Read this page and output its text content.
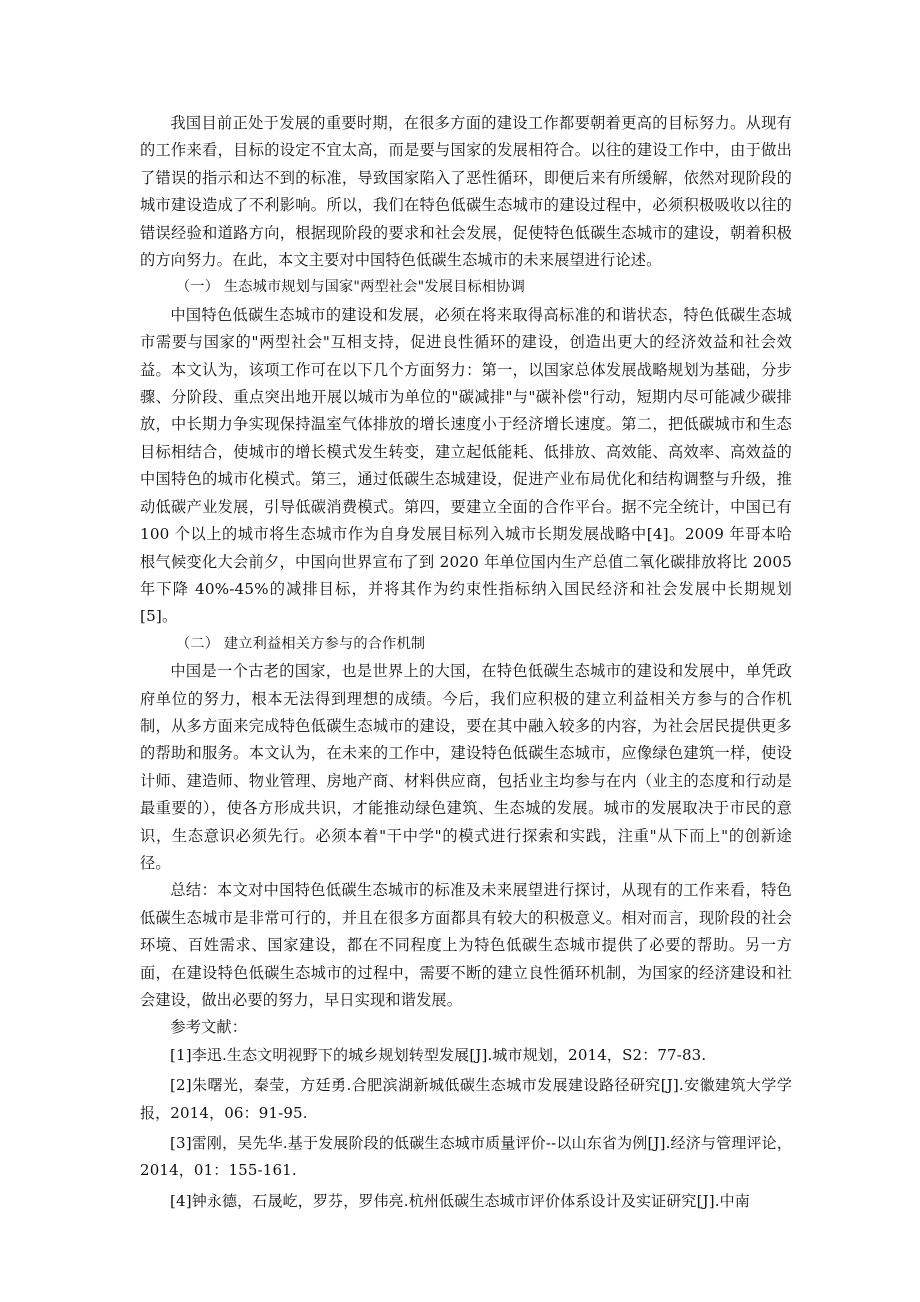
我国目前正处于发展的重要时期，在很多方面的建设工作都要朝着更高的目标努力。从现有的工作来看，目标的设定不宜太高，而是要与国家的发展相符合。以往的建设工作中，由于做出了错误的指示和达不到的标准，导致国家陷入了恶性循环，即便后来有所缓解，依然对现阶段的城市建设造成了不利影响。所以，我们在特色低碳生态城市的建设过程中，必须积极吸收以往的错误经验和道路方向，根据现阶段的要求和社会发展，促使特色低碳生态城市的建设，朝着积极的方向努力。在此，本文主要对中国特色低碳生态城市的未来展望进行论述。

（一） 生态城市规划与国家"两型社会"发展目标相协调

中国特色低碳生态城市的建设和发展，必须在将来取得高标准的和谐状态，特色低碳生态城市需要与国家的"两型社会"互相支持，促进良性循环的建设，创造出更大的经济效益和社会效益。本文认为，该项工作可在以下几个方面努力：第一，以国家总体发展战略规划为基础，分步骤、分阶段、重点突出地开展以城市为单位的"碳减排"与"碳补偿"行动，短期内尽可能减少碳排放，中长期力争实现保持温室气体排放的增长速度小于经济增长速度。第二，把低碳城市和生态目标相结合，使城市的增长模式发生转变，建立起低能耗、低排放、高效能、高效率、高效益的中国特色的城市化模式。第三，通过低碳生态城建设，促进产业布局优化和结构调整与升级，推动低碳产业发展，引导低碳消费模式。第四，要建立全面的合作平台。据不完全统计，中国已有 100 个以上的城市将生态城市作为自身发展目标列入城市长期发展战略中[4]。2009 年哥本哈根气候变化大会前夕，中国向世界宣布了到 2020 年单位国内生产总值二氧化碳排放将比 2005 年下降 40%-45%的减排目标，并将其作为约束性指标纳入国民经济和社会发展中长期规划[5]。

（二） 建立利益相关方参与的合作机制

中国是一个古老的国家，也是世界上的大国，在特色低碳生态城市的建设和发展中，单凭政府单位的努力，根本无法得到理想的成绩。今后，我们应积极的建立利益相关方参与的合作机制，从多方面来完成特色低碳生态城市的建设，要在其中融入较多的内容，为社会居民提供更多的帮助和服务。本文认为，在未来的工作中，建设特色低碳生态城市，应像绿色建筑一样，使设计师、建造师、物业管理、房地产商、材料供应商，包括业主均参与在内（业主的态度和行动是最重要的），使各方形成共识，才能推动绿色建筑、生态城的发展。城市的发展取决于市民的意识，生态意识必须先行。必须本着"干中学"的模式进行探索和实践，注重"从下而上"的创新途径。

总结：本文对中国特色低碳生态城市的标准及未来展望进行探讨，从现有的工作来看，特色低碳生态城市是非常可行的，并且在很多方面都具有较大的积极意义。相对而言，现阶段的社会环境、百姓需求、国家建设，都在不同程度上为特色低碳生态城市提供了必要的帮助。另一方面，在建设特色低碳生态城市的过程中，需要不断的建立良性循环机制，为国家的经济建设和社会建设，做出必要的努力，早日实现和谐发展。

参考文献：

[1]李迅.生态文明视野下的城乡规划转型发展[J].城市规划，2014，S2：77-83.

[2]朱曙光，秦莹，方廷勇.合肥滨湖新城低碳生态城市发展建设路径研究[J].安徽建筑大学学报，2014，06：91-95.

[3]雷刚，吴先华.基于发展阶段的低碳生态城市质量评价--以山东省为例[J].经济与管理评论，2014，01：155-161.

[4]钟永德，石晟屹，罗芬，罗伟亮.杭州低碳生态城市评价体系设计及实证研究[J].中南
